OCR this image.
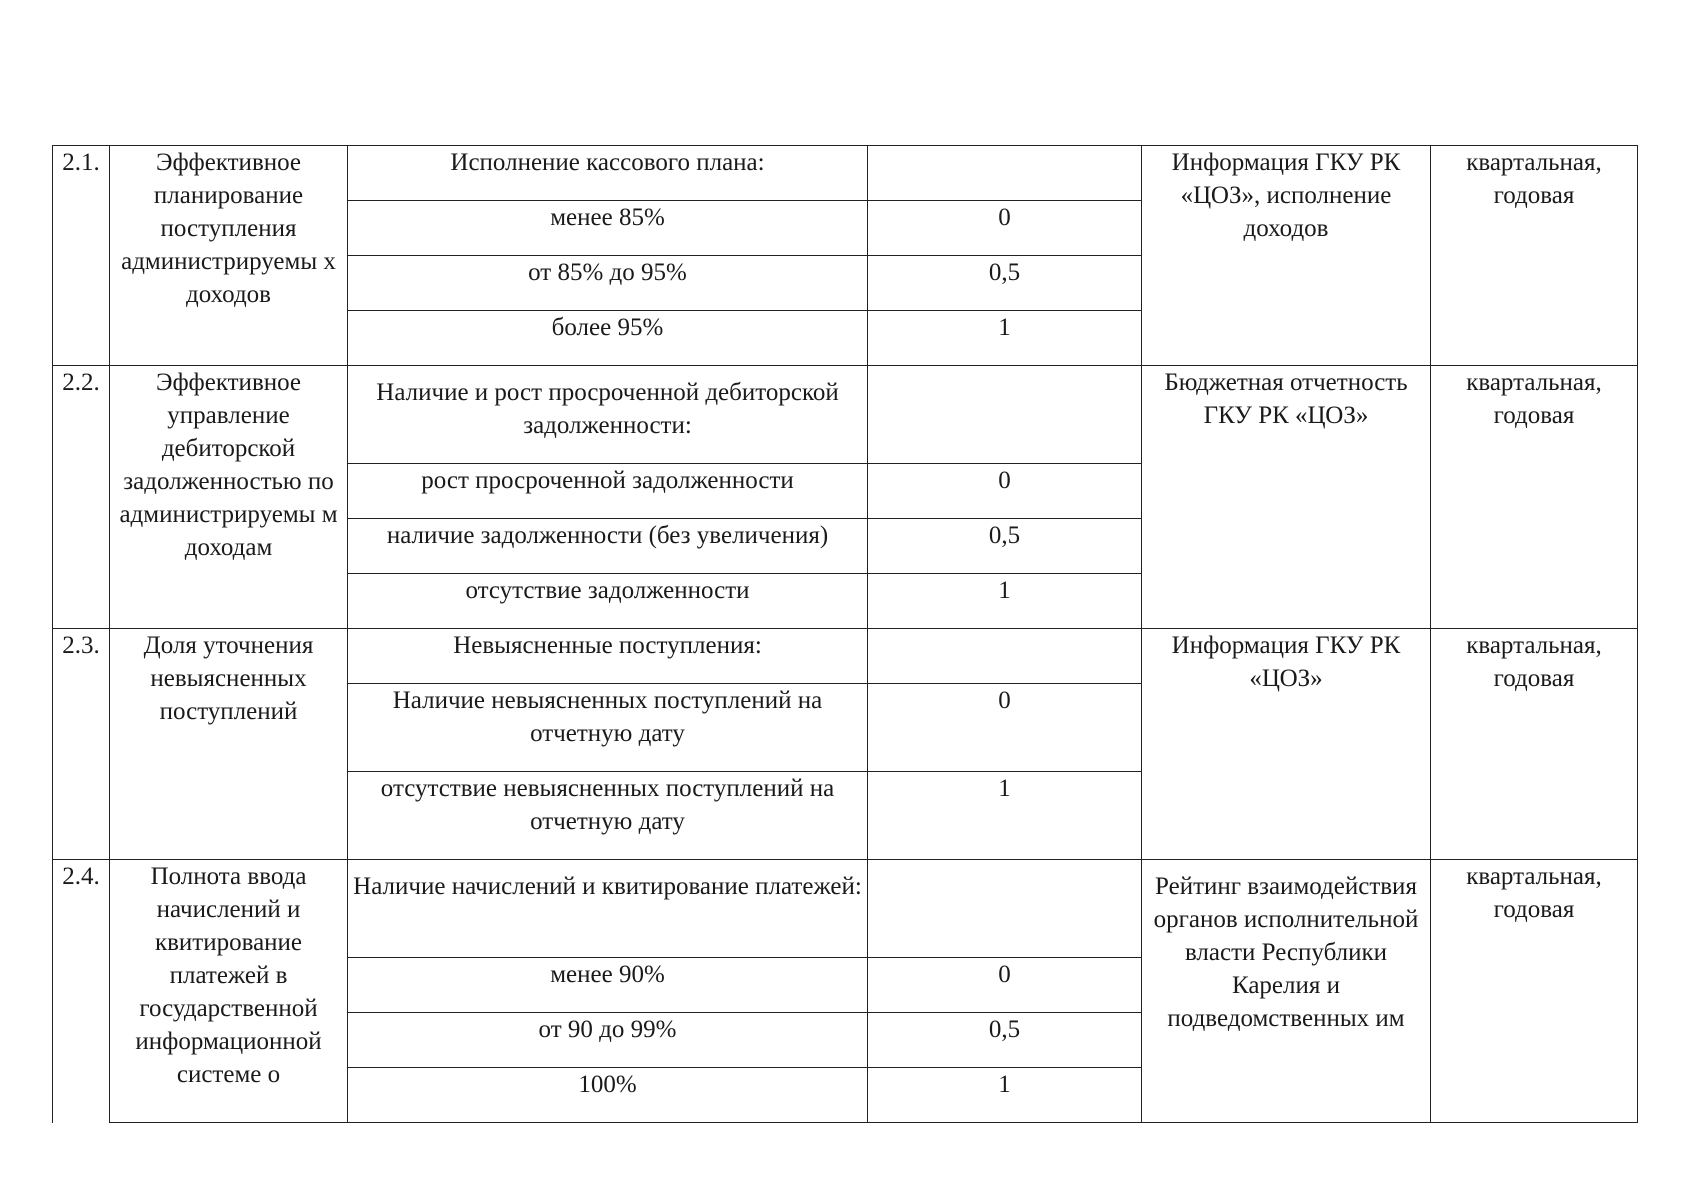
2.1.	Эффективное планирование поступления администрируемы х доходов	Исполнение кассового плана:		Информация ГКУ РК «ЦОЗ», исполнение доходов	квартальная, годовая
		менее 85%	0		
		от 85% до 95%	0,5		
		более 95%	1		
2.2.	Эффективное управление дебиторской задолженностью по администрируемы м доходам	Наличие и рост просроченной дебиторской задолженности:		Бюджетная отчетность ГКУ РК «ЦОЗ»	квартальная, годовая
		рост просроченной задолженности	0		
		наличие задолженности (без увеличения)	0,5		
		отсутствие задолженности	1		
2.3.	Доля уточнения невыясненных поступлений	Невыясненные поступления:		Информация ГКУ РК «ЦОЗ»	квартальная, годовая
		Наличие невыясненных поступлений на отчетную дату	0		
		отсутствие невыясненных поступлений на отчетную дату	1		
2.4.	Полнота ввода начислений и квитирование платежей в государственной информационной системе о	Наличие начислений и квитирование платежей:		Рейтинг взаимодействия органов исполнительной власти Республики Карелия и подведомственных им	квартальная, годовая
		менее 90%	0		
		от 90 до 99%	0,5		
		100%	1		
